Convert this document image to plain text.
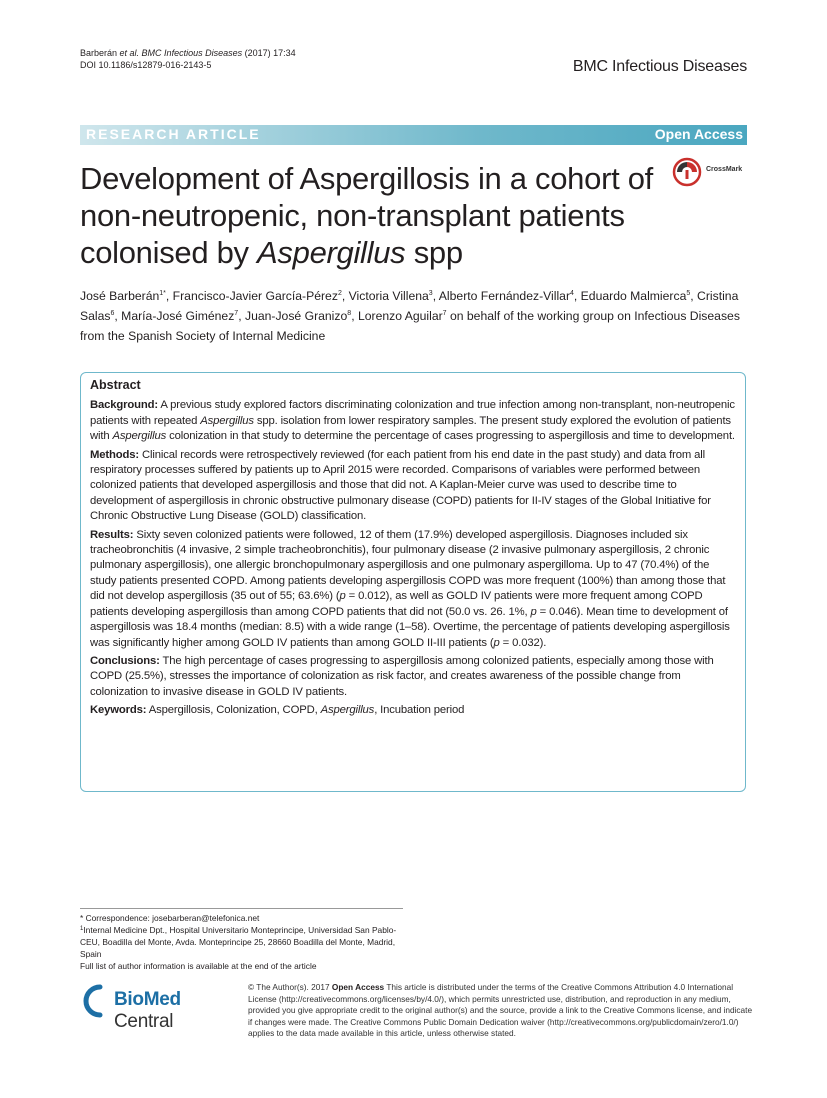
Barberán et al. BMC Infectious Diseases (2017) 17:34
DOI 10.1186/s12879-016-2143-5	BMC Infectious Diseases
RESEARCH ARTICLE	Open Access
Development of Aspergillosis in a cohort of
non-neutropenic, non-transplant patients
colonised by Aspergillus spp
CrossMark
José Barberán$^{1*}$, Francisco-Javier García-Pérez$^2$, Victoria Villena$^3$, Alberto Fernández-Villar$^4$, Eduardo Malmierca$^5$, Cristina Salas$^6$, María-José Giménez$^7$, Juan-José Granizo$^8$, Lorenzo Aguilar$^7$ on behalf of the working group on Infectious Diseases from the Spanish Society of Internal Medicine
Abstract

Background: A previous study explored factors discriminating colonization and true infection among non-transplant, non-neutropenic patients with repeated Aspergillus spp. isolation from lower respiratory samples. The present study explored the evolution of patients with Aspergillus colonization in that study to determine the percentage of cases progressing to aspergillosis and time to development.

Methods: Clinical records were retrospectively reviewed (for each patient from his end date in the past study) and data from all respiratory processes suffered by patients up to April 2015 were recorded. Comparisons of variables were performed between colonized patients that developed aspergillosis and those that did not. A Kaplan-Meier curve was used to describe time to development of aspergillosis in chronic obstructive pulmonary disease (COPD) patients for II-IV stages of the Global Initiative for Chronic Obstructive Lung Disease (GOLD) classification.

Results: Sixty seven colonized patients were followed, 12 of them (17.9%) developed aspergillosis. Diagnoses included six tracheobronchitis (4 invasive, 2 simple tracheobronchitis), four pulmonary disease (2 invasive pulmonary aspergillosis, 2 chronic pulmonary aspergillosis), one allergic bronchopulmonary aspergillosis and one pulmonary aspergilloma. Up to 47 (70.4%) of the study patients presented COPD. Among patients developing aspergillosis COPD was more frequent (100%) than among those that did not develop aspergillosis (35 out of 55; 63.6%) (p = 0.012), as well as GOLD IV patients were more frequent among COPD patients developing aspergillosis than among COPD patients that did not (50.0 vs. 26. 1%, p = 0.046). Mean time to development of aspergillosis was 18.4 months (median: 8.5) with a wide range (1–58). Overtime, the percentage of patients developing aspergillosis was significantly higher among GOLD IV patients than among GOLD II-III patients (p = 0.032).

Conclusions: The high percentage of cases progressing to aspergillosis among colonized patients, especially among those with COPD (25.5%), stresses the importance of colonization as risk factor, and creates awareness of the possible change from colonization to invasive disease in GOLD IV patients.

Keywords: Aspergillosis, Colonization, COPD, Aspergillus, Incubation period

* Correspondence: josebarberan@telefonica.net
$^1$Internal Medicine Dpt., Hospital Universitario Monteprincipe, Universidad San Pablo-CEU, Boadilla del Monte, Avda. Monteprincipe 25, 28660 Boadilla del Monte, Madrid, Spain
Full list of author information is available at the end of the article
BioMed Central
© The Author(s). 2017 Open Access This article is distributed under the terms of the Creative Commons Attribution 4.0 International License (http://creativecommons.org/licenses/by/4.0/), which permits unrestricted use, distribution, and reproduction in any medium, provided you give appropriate credit to the original author(s) and the source, provide a link to the Creative Commons license, and indicate if changes were made. The Creative Commons Public Domain Dedication waiver (http://creativecommons.org/publicdomain/zero/1.0/) applies to the data made available in this article, unless otherwise stated.
